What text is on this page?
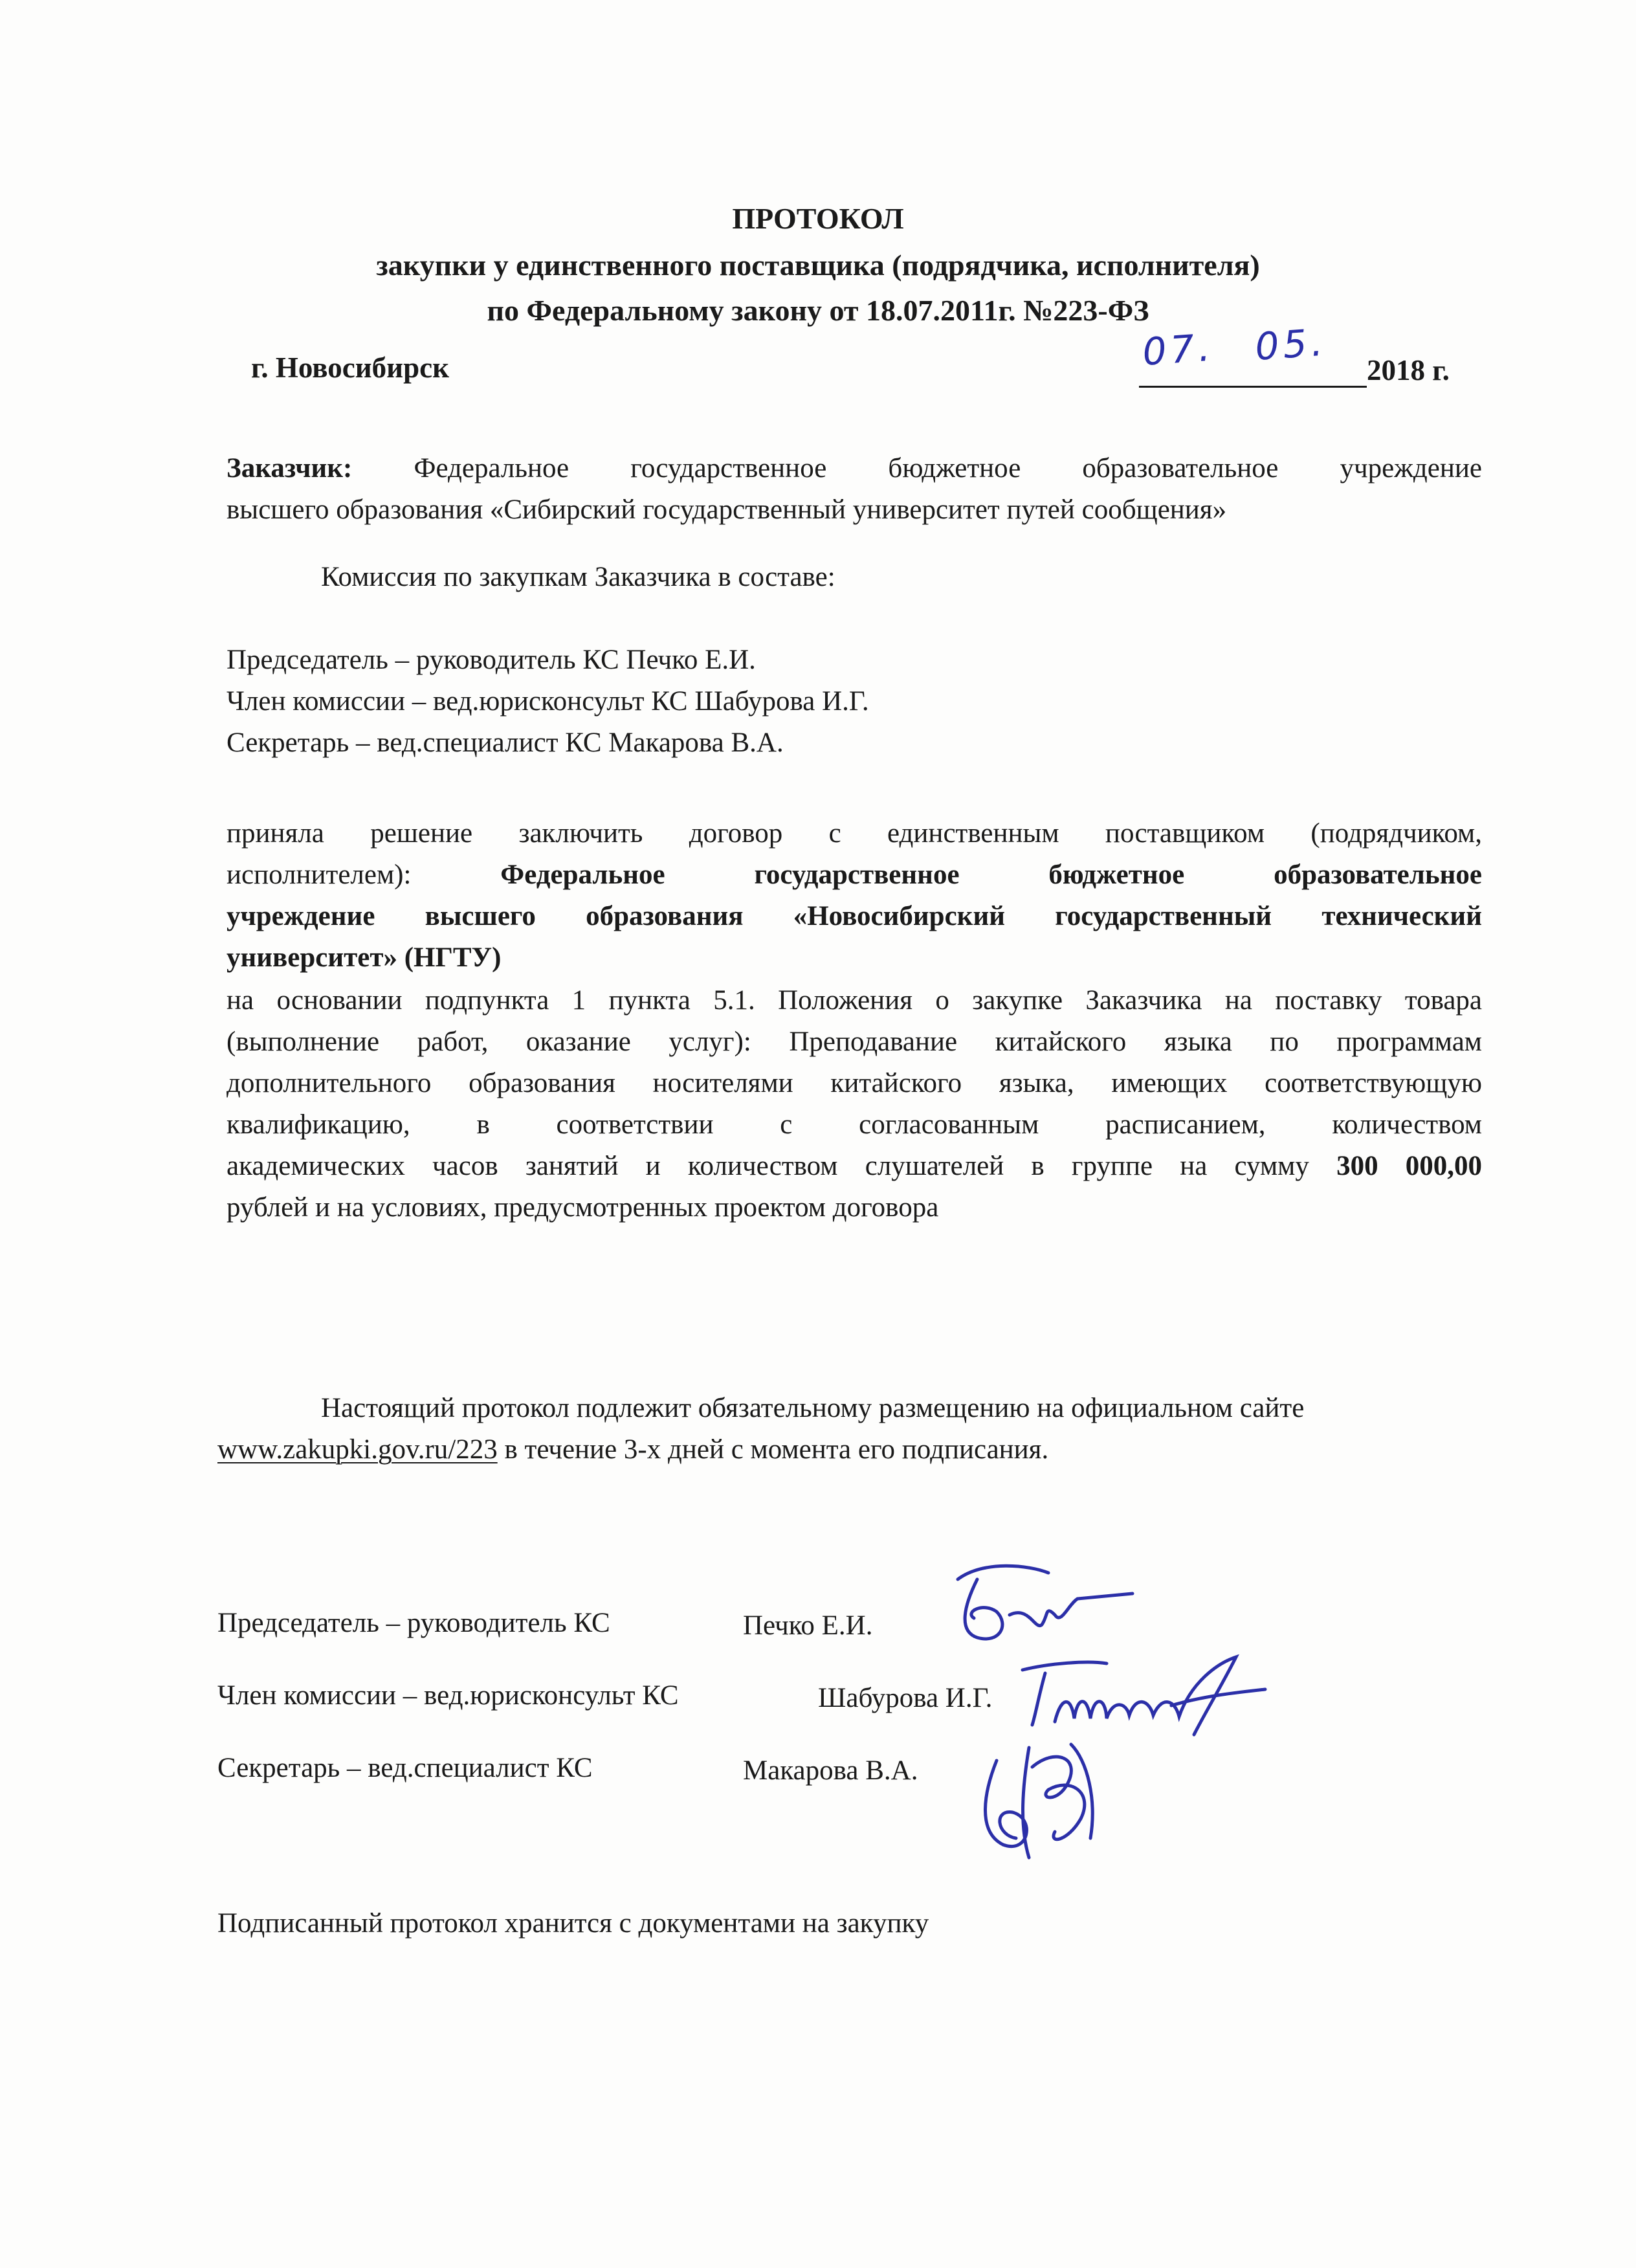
ПРОТОКОЛ
закупки у единственного поставщика (подрядчика, исполнителя)
по Федеральному закону от 18.07.2011г. №223-ФЗ
г. Новосибирск	07. 05.
2018 г.
Заказчик: Федеральное государственное бюджетное образовательное учреждение
высшего образования «Сибирский государственный университет путей сообщения»
Комиссия по закупкам Заказчика в составе:
Председатель – руководитель КС Печко Е.И.
Член комиссии – вед.юрисконсульт КС Шабурова И.Г.
Секретарь – вед.специалист КС Макарова В.А.
приняла решение заключить договор с единственным поставщиком (подрядчиком,
исполнителем):	Федеральное государственное бюджетное образовательное
учреждение высшего образования «Новосибирский государственный технический
университет» (НГТУ)
на основании подпункта 1 пункта 5.1. Положения о закупке Заказчика на поставку товара
(выполнение работ, оказание услуг): Преподавание китайского языка по программам
дополнительного образования носителями китайского языка, имеющих соответствующую
квалификацию, в соответствии с согласованным расписанием, количеством
академических часов занятий и количеством слушателей в группе на сумму 300 000,00
рублей и на условиях, предусмотренных проектом договора
Настоящий протокол подлежит обязательному размещению на официальном сайте
www.zakupki.gov.ru/223 в течение 3-х дней с момента его подписания.
Председатель – руководитель КС	Печко Е.И.
Член комиссии – вед.юрисконсульт КС	Шабурова И.Г.
Секретарь – вед.специалист КС	Макарова В.А.
Подписанный протокол хранится с документами на закупку
